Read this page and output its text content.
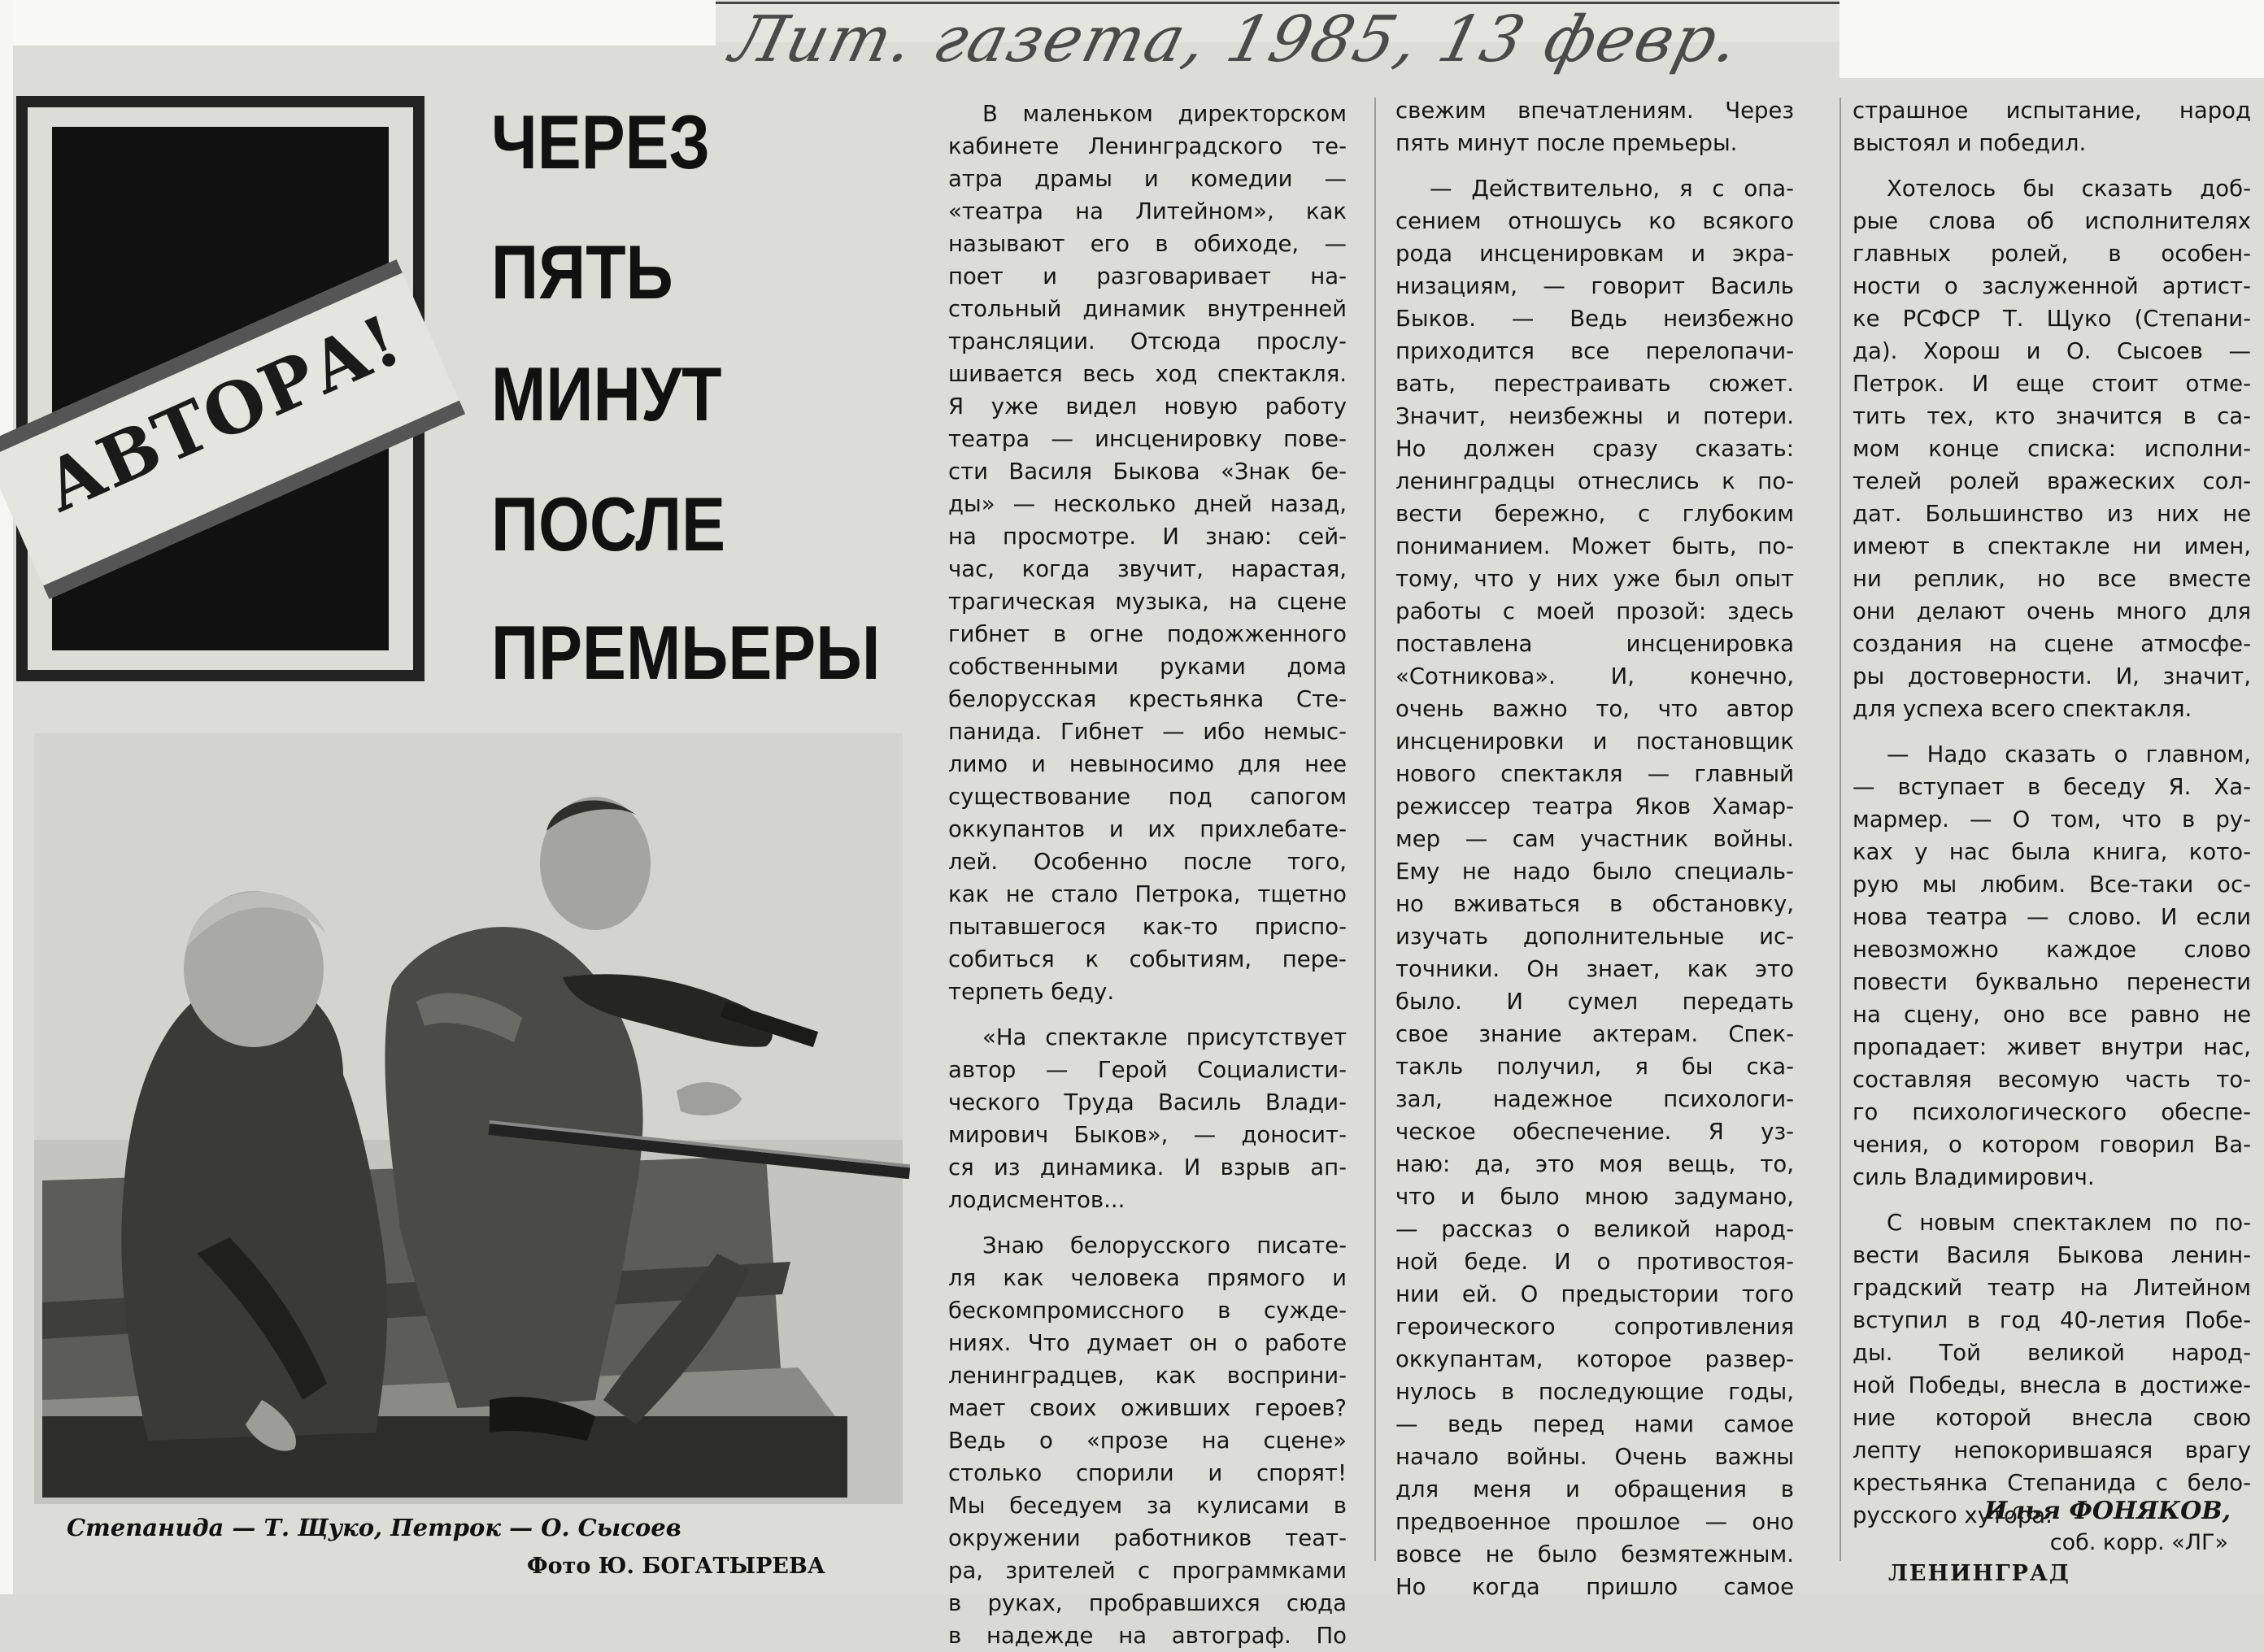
Лит. газета, 1985, 13 февр.
АВТОРА!
ЧЕРЕЗ
ПЯТЬ
МИНУТ
ПОСЛЕ
ПРЕМЬЕРЫ
Степанида — Т. Щуко, Петрок — О. Сысоев
Фото Ю. БОГАТЫРЕВА
В маленьком директорском
кабинете Ленинградского те-
атра драмы и комедии —
«театра на Литейном», как
называют его в обиходе, —
поет и разговаривает на-
стольный динамик внутренней
трансляции. Отсюда прослу-
шивается весь ход спектакля.
Я уже видел новую работу
театра — инсценировку пове-
сти Василя Быкова «Знак бе-
ды» — несколько дней назад,
на просмотре. И знаю: сей-
час, когда звучит, нарастая,
трагическая музыка, на сцене
гибнет в огне подожженного
собственными руками дома
белорусская крестьянка Сте-
панида. Гибнет — ибо немыс-
лимо и невыносимо для нее
существование под сапогом
оккупантов и их прихлебате-
лей. Особенно после того,
как не стало Петрока, тщетно
пытавшегося как-то приспо-
собиться к событиям, пере-
терпеть беду.
«На спектакле присутствует
автор — Герой Социалисти-
ческого Труда Василь Влади-
мирович Быков», — доносит-
ся из динамика. И взрыв ап-
лодисментов...
Знаю белорусского писате-
ля как человека прямого и
бескомпромиссного в сужде-
ниях. Что думает он о работе
ленинградцев, как восприни-
мает своих оживших героев?
Ведь о «прозе на сцене»
столько спорили и спорят!
Мы беседуем за кулисами в
окружении работников теат-
ра, зрителей с программками
в руках, пробравшихся сюда
в надежде на автограф. По
свежим впечатлениям. Через
пять минут после премьеры.
— Действительно, я с опа-
сением отношусь ко всякого
рода инсценировкам и экра-
низациям, — говорит Василь
Быков. — Ведь неизбежно
приходится все перелопачи-
вать, перестраивать сюжет.
Значит, неизбежны и потери.
Но должен сразу сказать:
ленинградцы отнеслись к по-
вести бережно, с глубоким
пониманием. Может быть, по-
тому, что у них уже был опыт
работы с моей прозой: здесь
поставлена инсценировка
«Сотникова». И, конечно,
очень важно то, что автор
инсценировки и постановщик
нового спектакля — главный
режиссер театра Яков Хамар-
мер — сам участник войны.
Ему не надо было специаль-
но вживаться в обстановку,
изучать дополнительные ис-
точники. Он знает, как это
было. И сумел передать
свое знание актерам. Спек-
такль получил, я бы ска-
зал, надежное психологи-
ческое обеспечение. Я уз-
наю: да, это моя вещь, то,
что и было мною задумано,
— рассказ о великой народ-
ной беде. И о противостоя-
нии ей. О предыстории того
героического сопротивления
оккупантам, которое развер-
нулось в последующие годы,
— ведь перед нами самое
начало войны. Очень важны
для меня и обращения в
предвоенное прошлое — оно
вовсе не было безмятежным.
Но когда пришло самое
страшное испытание, народ
выстоял и победил.
Хотелось бы сказать доб-
рые слова об исполнителях
главных ролей, в особен-
ности о заслуженной артист-
ке РСФСР Т. Щуко (Степани-
да). Хорош и О. Сысоев —
Петрок. И еще стоит отме-
тить тех, кто значится в са-
мом конце списка: исполни-
телей ролей вражеских сол-
дат. Большинство из них не
имеют в спектакле ни имен,
ни реплик, но все вместе
они делают очень много для
создания на сцене атмосфе-
ры достоверности. И, значит,
для успеха всего спектакля.
— Надо сказать о главном,
— вступает в беседу Я. Ха-
мармер. — О том, что в ру-
ках у нас была книга, кото-
рую мы любим. Все-таки ос-
нова театра — слово. И если
невозможно каждое слово
повести буквально перенести
на сцену, оно все равно не
пропадает: живет внутри нас,
составляя весомую часть то-
го психологического обеспе-
чения, о котором говорил Ва-
силь Владимирович.
С новым спектаклем по по-
вести Василя Быкова ленин-
градский театр на Литейном
вступил в год 40-летия Побе-
ды. Той великой народ-
ной Победы, внесла в достиже-
ние которой внесла свою
лепту непокорившаяся врагу
крестьянка Степанида с бело-
русского хутора.
Илья ФОНЯКОВ,
соб. корр. «ЛГ»
ЛЕНИНГРАД
